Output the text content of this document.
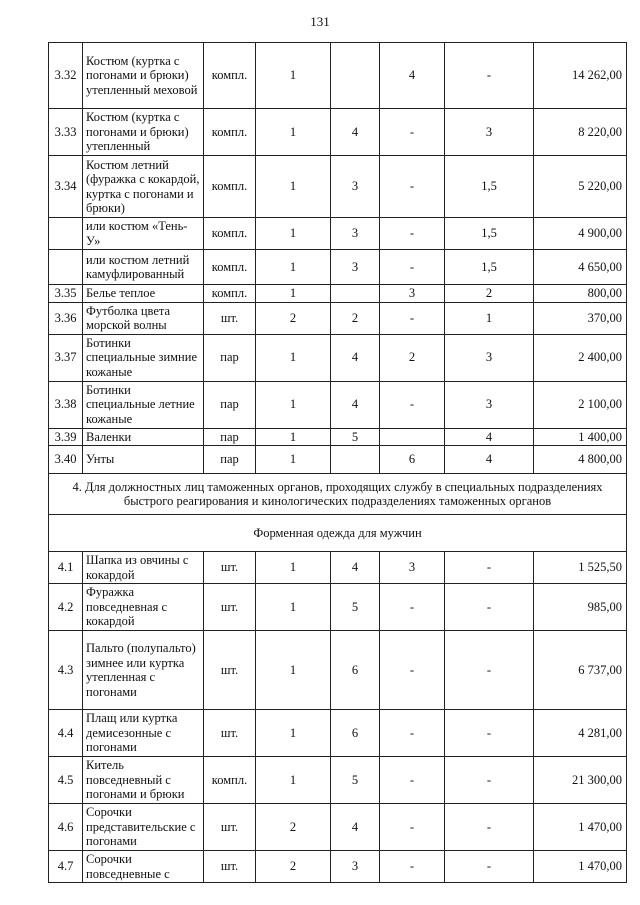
131
3.32	Костюм (куртка с погонами и брюки) утепленный меховой	компл.	1		4	-	14 262,00
3.33	Костюм (куртка с погонами и брюки) утепленный	компл.	1	4	-	3	8 220,00
3.34	Костюм летний (фуражка с кокардой, куртка с погонами и брюки)	компл.	1	3	-	1,5	5 220,00
	или костюм «Тень-У»	компл.	1	3	-	1,5	4 900,00
	или костюм летний камуфлированный	компл.	1	3	-	1,5	4 650,00
3.35	Белье теплое	компл.	1		3	2	800,00
3.36	Футболка цвета морской волны	шт.	2	2	-	1	370,00
3.37	Ботинки специальные зимние кожаные	пар	1	4	2	3	2 400,00
3.38	Ботинки специальные летние кожаные	пар	1	4	-	3	2 100,00
3.39	Валенки	пар	1	5		4	1 400,00
3.40	Унты	пар	1		6	4	4 800,00
4. Для должностных лиц таможенных органов, проходящих службу в специальных подразделениях быстрого реагирования и кинологических подразделениях таможенных органов							
Форменная одежда для мужчин							
4.1	Шапка из овчины с кокардой	шт.	1	4	3	-	1 525,50
4.2	Фуражка повседневная с кокардой	шт.	1	5	-	-	985,00
4.3	Пальто (полупальто) зимнее или куртка утепленная с погонами	шт.	1	6	-	-	6 737,00
4.4	Плащ или куртка демисезонные с погонами	шт.	1	6	-	-	4 281,00
4.5	Китель повседневный с погонами и брюки	компл.	1	5	-	-	21 300,00
4.6	Сорочки представительские с погонами	шт.	2	4	-	-	1 470,00
4.7	Сорочки повседневные с	шт.	2	3	-	-	1 470,00
